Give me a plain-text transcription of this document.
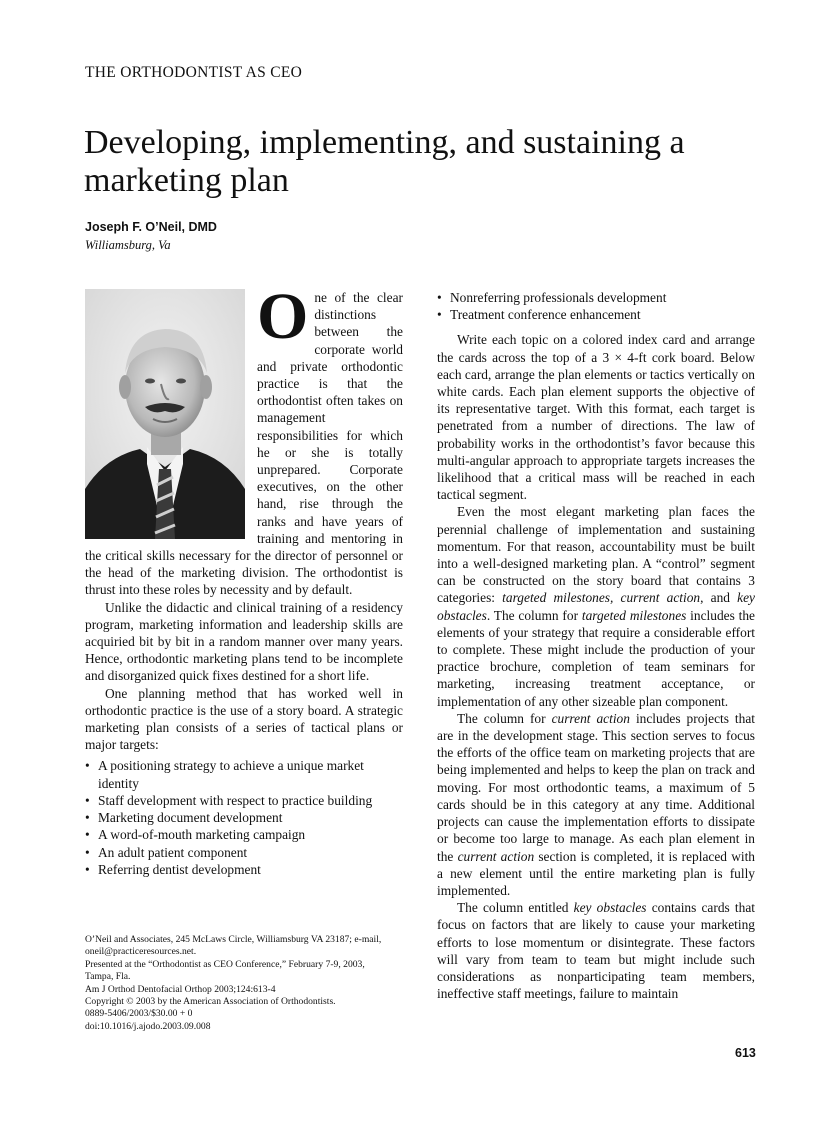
THE ORTHODONTIST AS CEO
Developing, implementing, and sustaining a marketing plan
Joseph F. O’Neil, DMD
Williamsburg, Va
O ne of the clear distinctions between the corporate world and private orthodontic practice is that the orthodontist often takes on management responsibilities for which he or she is totally unprepared. Corporate executives, on the other hand, rise through the ranks and have years of training and mentoring in the critical skills necessary for the director of personnel or the head of the marketing division. The orthodontist is thrust into these roles by necessity and by default.

Unlike the didactic and clinical training of a residency program, marketing information and leadership skills are acquiried bit by bit in a random manner over many years. Hence, orthodontic marketing plans tend to be incomplete and disorganized quick fixes destined for a short life.

One planning method that has worked well in orthodontic practice is the use of a story board. A strategic marketing plan consists of a series of tactical plans or major targets:

• A positioning strategy to achieve a unique market identity
• Staff development with respect to practice building
• Marketing document development
• A word-of-mouth marketing campaign
• An adult patient component
• Referring dentist development
• Nonreferring professionals development
• Treatment conference enhancement

Write each topic on a colored index card and arrange the cards across the top of a 3 × 4-ft cork board. Below each card, arrange the plan elements or tactics vertically on white cards. Each plan element supports the objective of its representative target. With this format, each target is penetrated from a number of directions. The law of probability works in the orthodontist’s favor because this multi-angular approach to appropriate targets increases the likelihood that a critical mass will be reached in each tactical segment.

Even the most elegant marketing plan faces the perennial challenge of implementation and sustaining momentum. For that reason, accountability must be built into a well-designed marketing plan. A “control” segment can be constructed on the story board that contains 3 categories: targeted milestones, current action, and key obstacles. The column for targeted milestones includes the elements of your strategy that require a considerable effort to complete. These might include the production of your practice brochure, completion of team seminars for marketing, increasing treatment acceptance, or implementation of any other sizeable plan component.

The column for current action includes projects that are in the development stage. This section serves to focus the efforts of the office team on marketing projects that are being implemented and helps to keep the plan on track and moving. For most orthodontic teams, a maximum of 5 cards should be in this category at any time. Additional projects can cause the implementation efforts to dissipate or become too large to manage. As each plan element in the current action section is completed, it is replaced with a new element until the entire marketing plan is fully implemented.

The column entitled key obstacles contains cards that focus on factors that are likely to cause your marketing efforts to lose momentum or disintegrate. These factors will vary from team to team but might include such considerations as nonparticipating team members, ineffective staff meetings, failure to maintain

O’Neil and Associates, 245 McLaws Circle, Williamsburg VA 23187; e-mail,
oneil@practiceresources.net.
Presented at the “Orthodontist as CEO Conference,” February 7-9, 2003,
Tampa, Fla.
Am J Orthod Dentofacial Orthop 2003;124:613-4
Copyright © 2003 by the American Association of Orthodontists.
0889-5406/2003/$30.00 + 0
doi:10.1016/j.ajodo.2003.09.008
613
